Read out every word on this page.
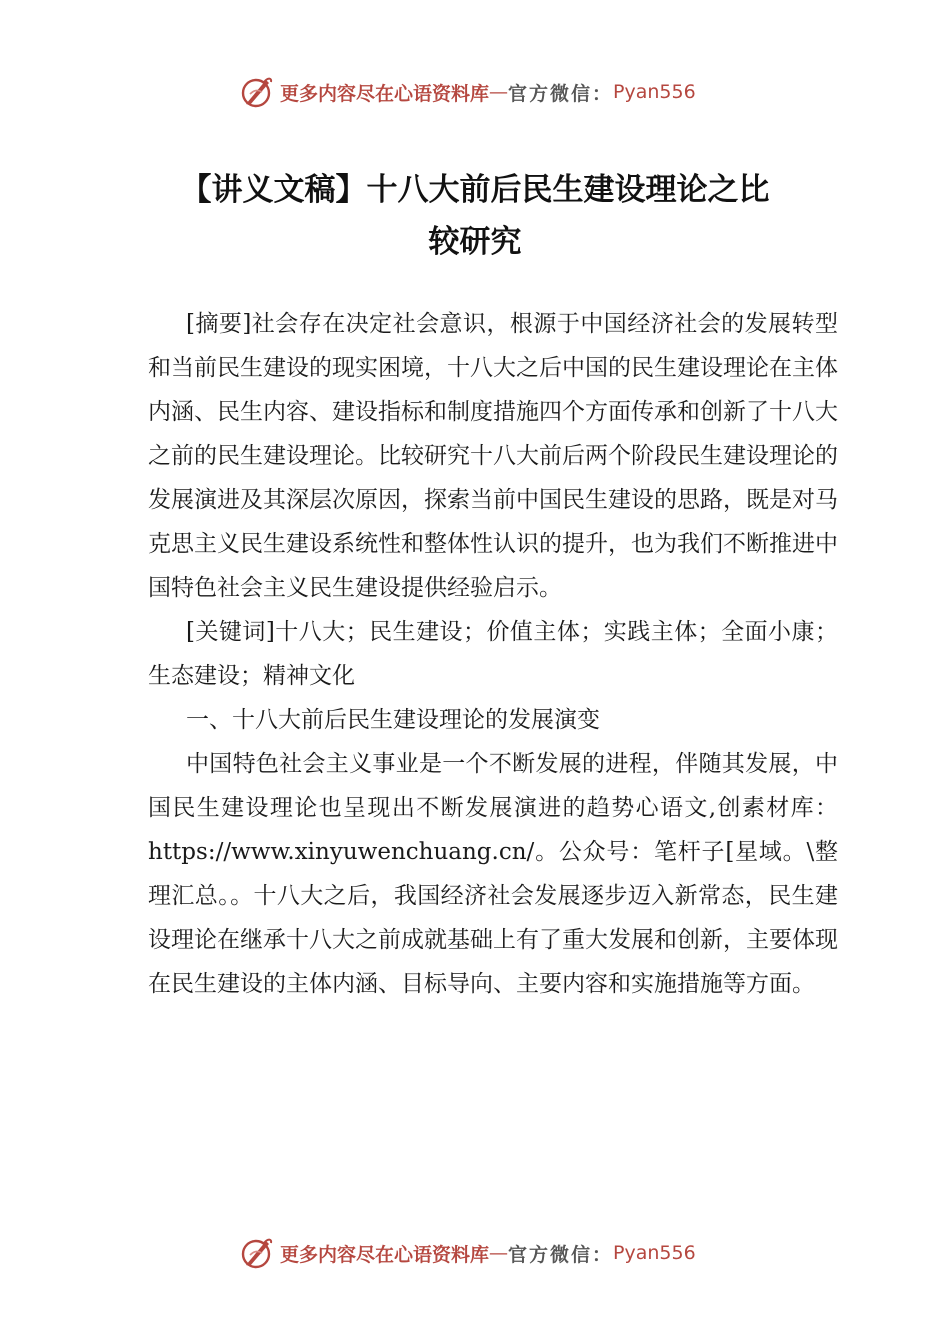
更多内容尽在心语资料库 — 官方微信： Pyan556
【讲义文稿】十八大前后民生建设理论之比
较研究

[摘要]社会存在决定社会意识，根源于中国经济社会的发展转型和当前民生建设的现实困境，十八大之后中国的民生建设理论在主体内涵、民生内容、建设指标和制度措施四个方面传承和创新了十八大之前的民生建设理论。比较研究十八大前后两个阶段民生建设理论的发展演进及其深层次原因，探索当前中国民生建设的思路，既是对马克思主义民生建设系统性和整体性认识的提升，也为我们不断推进中国特色社会主义民生建设提供经验启示。

[关键词]十八大；民生建设；价值主体；实践主体；全面小康；生态建设；精神文化

一、十八大前后民生建设理论的发展演变

中国特色社会主义事业是一个不断发展的进程，伴随其发展，中国民生建设理论也呈现出不断发展演进的趋势心语文,创素材库：https://www.xinyuwenchuang.cn/。公众号：笔杆子[星域。\整理汇总。。十八大之后，我国经济社会发展逐步迈入新常态，民生建设理论在继承十八大之前成就基础上有了重大发展和创新，主要体现在民生建设的主体内涵、目标导向、主要内容和实施措施等方面。

更多内容尽在心语资料库 — 官方微信： Pyan556
